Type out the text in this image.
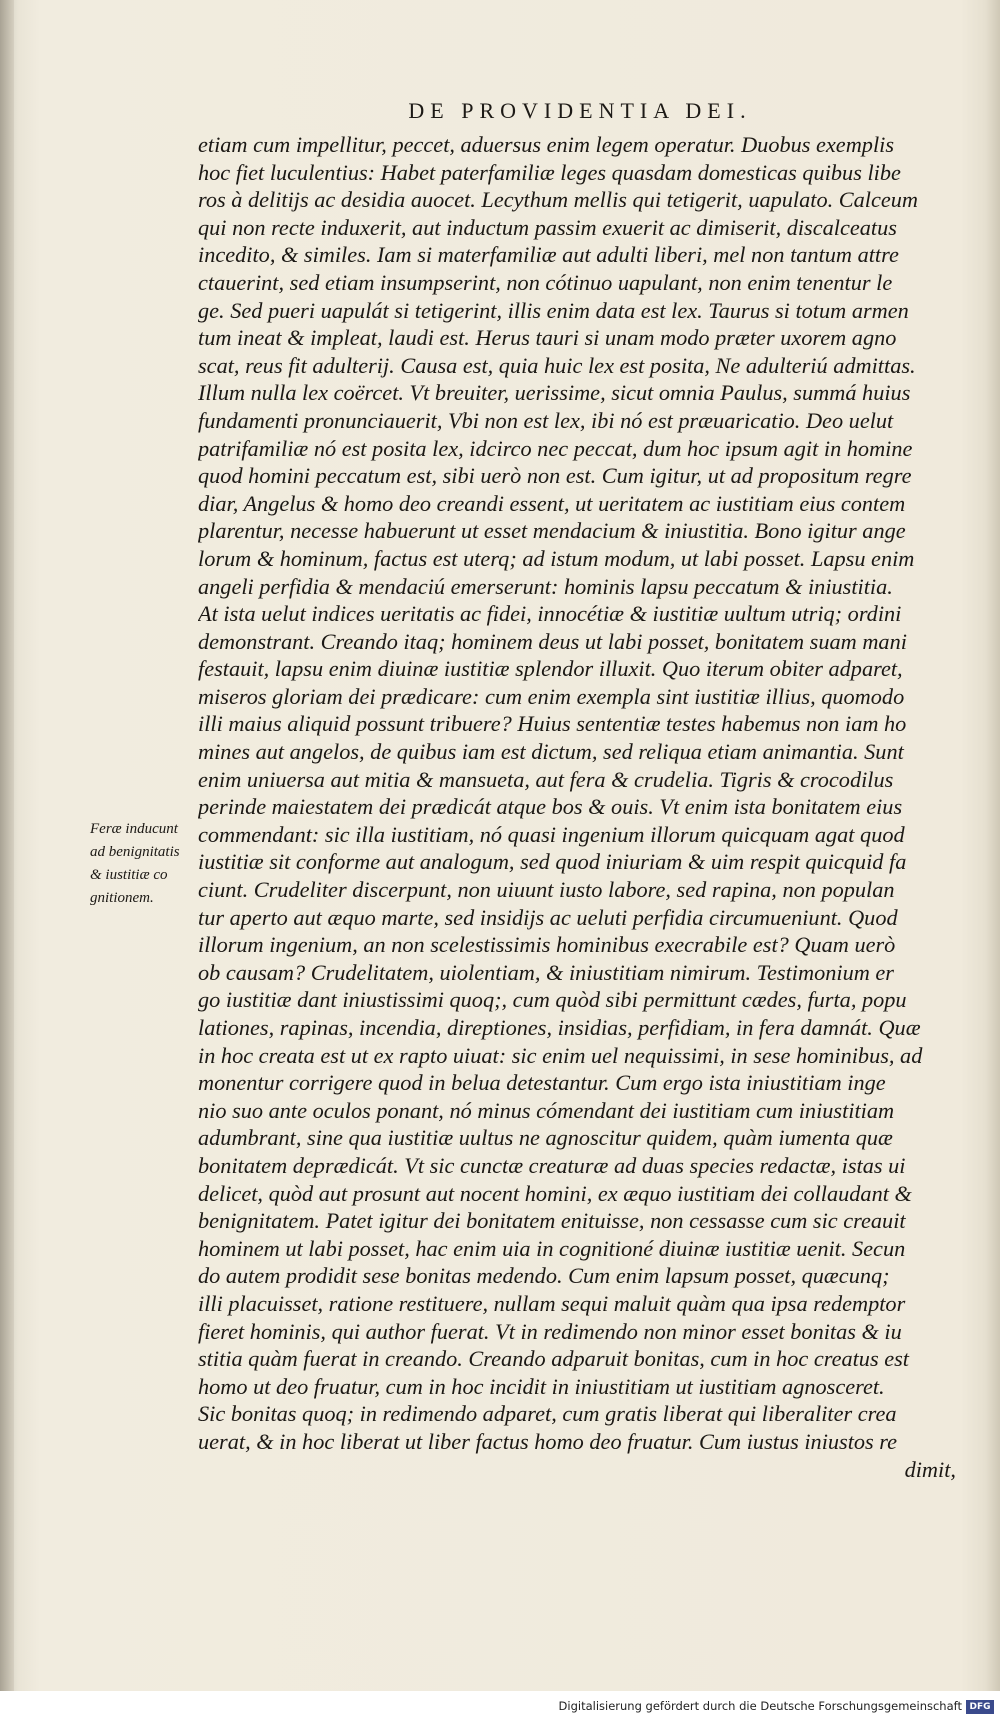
DE PROVIDENTIA DEI.
Feræ inducunt
ad benignitatis
& iustitiæ co
gnitionem.
etiam cum impellitur, peccet, aduersus enim legem operatur. Duobus exemplis
hoc fiet luculentius: Habet paterfamiliæ leges quasdam domesticas quibus libe
ros à delitijs ac desidia auocet. Lecythum mellis qui tetigerit, uapulato. Calceum
qui non recte induxerit, aut inductum passim exuerit ac dimiserit, discalceatus
incedito, & similes. Iam si materfamiliæ aut adulti liberi, mel non tantum attre
ctauerint, sed etiam insumpserint, non cótinuo uapulant, non enim tenentur le
ge. Sed pueri uapulát si tetigerint, illis enim data est lex. Taurus si totum armen
tum ineat & impleat, laudi est. Herus tauri si unam modo præter uxorem agno
scat, reus fit adulterij. Causa est, quia huic lex est posita, Ne adulteriú admittas.
Illum nulla lex coërcet. Vt breuiter, uerissime, sicut omnia Paulus, summá huius
fundamenti pronunciauerit, Vbi non est lex, ibi nó est præuaricatio. Deo uelut
patrifamiliæ nó est posita lex, idcirco nec peccat, dum hoc ipsum agit in homine
quod homini peccatum est, sibi uerò non est. Cum igitur, ut ad propositum regre
diar, Angelus & homo deo creandi essent, ut ueritatem ac iustitiam eius contem
plarentur, necesse habuerunt ut esset mendacium & iniustitia. Bono igitur ange
lorum & hominum, factus est uterq; ad istum modum, ut labi posset. Lapsu enim
angeli perfidia & mendaciú emerserunt: hominis lapsu peccatum & iniustitia.
At ista uelut indices ueritatis ac fidei, innocétiæ & iustitiæ uultum utriq; ordini
demonstrant. Creando itaq; hominem deus ut labi posset, bonitatem suam mani
festauit, lapsu enim diuinæ iustitiæ splendor illuxit. Quo iterum obiter adparet,
miseros gloriam dei prædicare: cum enim exempla sint iustitiæ illius, quomodo
illi maius aliquid possunt tribuere? Huius sententiæ testes habemus non iam ho
mines aut angelos, de quibus iam est dictum, sed reliqua etiam animantia. Sunt
enim uniuersa aut mitia & mansueta, aut fera & crudelia. Tigris & crocodilus
perinde maiestatem dei prædicát atque bos & ouis. Vt enim ista bonitatem eius
commendant: sic illa iustitiam, nó quasi ingenium illorum quicquam agat quod
iustitiæ sit conforme aut analogum, sed quod iniuriam & uim respit quicquid fa
ciunt. Crudeliter discerpunt, non uiuunt iusto labore, sed rapina, non populan
tur aperto aut æquo marte, sed insidijs ac ueluti perfidia circumueniunt. Quod
illorum ingenium, an non scelestissimis hominibus execrabile est? Quam uerò
ob causam? Crudelitatem, uiolentiam, & iniustitiam nimirum. Testimonium er
go iustitiæ dant iniustissimi quoq;, cum quòd sibi permittunt cædes, furta, popu
lationes, rapinas, incendia, direptiones, insidias, perfidiam, in fera damnát. Quæ
in hoc creata est ut ex rapto uiuat: sic enim uel nequissimi, in sese hominibus, ad
monentur corrigere quod in belua detestantur. Cum ergo ista iniustitiam inge
nio suo ante oculos ponant, nó minus cómendant dei iustitiam cum iniustitiam
adumbrant, sine qua iustitiæ uultus ne agnoscitur quidem, quàm iumenta quæ
bonitatem deprædicát. Vt sic cunctæ creaturæ ad duas species redactæ, istas ui
delicet, quòd aut prosunt aut nocent homini, ex æquo iustitiam dei collaudant &
benignitatem. Patet igitur dei bonitatem enituisse, non cessasse cum sic creauit
hominem ut labi posset, hac enim uia in cognitioné diuinæ iustitiæ uenit. Secun
do autem prodidit sese bonitas medendo. Cum enim lapsum posset, quæcunq;
illi placuisset, ratione restituere, nullam sequi maluit quàm qua ipsa redemptor
fieret hominis, qui author fuerat. Vt in redimendo non minor esset bonitas & iu
stitia quàm fuerat in creando. Creando adparuit bonitas, cum in hoc creatus est
homo ut deo fruatur, cum in hoc incidit in iniustitiam ut iustitiam agnosceret.
Sic bonitas quoq; in redimendo adparet, cum gratis liberat qui liberaliter crea
uerat, & in hoc liberat ut liber factus homo deo fruatur. Cum iustus iniustos re
dimit,
Digitalisierung gefördert durch die Deutsche Forschungsgemeinschaft DFG
